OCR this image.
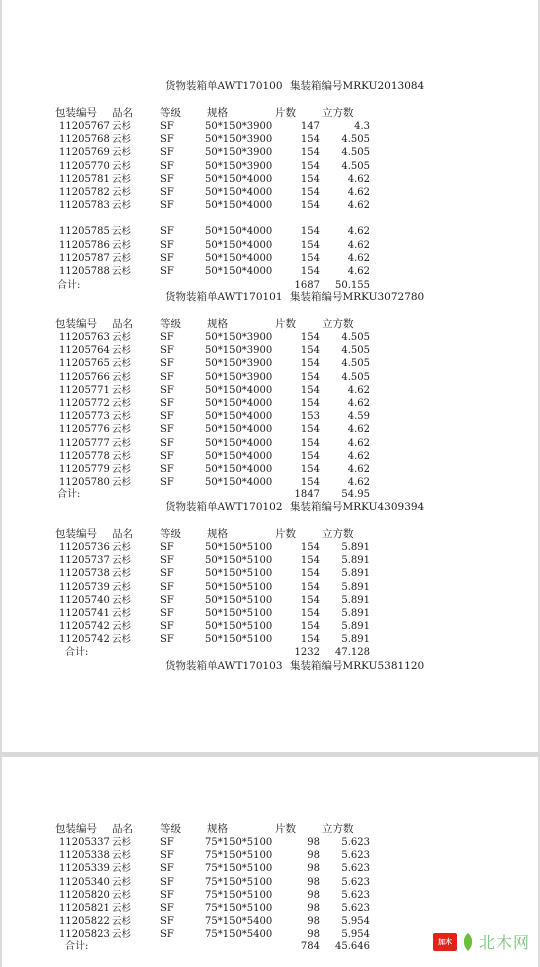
货物装箱单AWT170100 集装箱编号MRKU2013084
货物装箱单AWT170101 集装箱编号MRKU3072780
货物装箱单AWT170102 集装箱编号MRKU4309394
货物装箱单AWT170103 集装箱编号MRKU5381120
包装编号 品名	等级 规格	片数 立方数
11205767 云杉	SF	50*150*3900	147	4.3
11205768 云杉	SF	50*150*3900	154	4.505
11205769 云杉	SF	50*150*3900	154	4.505
11205770 云杉	SF	50*150*3900	154	4.505
11205781 云杉	SF	50*150*4000	154	4.62
11205782 云杉	SF	50*150*4000	154	4.62
11205783 云杉	SF	50*150*4000	154	4.62
11205785 云杉	SF	50*150*4000	154	4.62
11205786 云杉	SF	50*150*4000	154	4.62
11205787 云杉	SF	50*150*4000	154	4.62
11205788 云杉	SF	50*150*4000	154	4.62
合计:	1687	50.155
包装编号 品名	等级 规格	片数 立方数
11205763 云杉	SF	50*150*3900	154	4.505
11205764 云杉	SF	50*150*3900	154	4.505
11205765 云杉	SF	50*150*3900	154	4.505
11205766 云杉	SF	50*150*3900	154	4.505
11205771 云杉	SF	50*150*4000	154	4.62
11205772 云杉	SF	50*150*4000	154	4.62
11205773 云杉	SF	50*150*4000	153	4.59
11205776 云杉	SF	50*150*4000	154	4.62
11205777 云杉	SF	50*150*4000	154	4.62
11205778 云杉	SF	50*150*4000	154	4.62
11205779 云杉	SF	50*150*4000	154	4.62
11205780 云杉	SF	50*150*4000	154	4.62
合计:	1847	54.95
包装编号 品名	等级 规格	片数 立方数
11205736 云杉	SF	50*150*5100	154	5.891
11205737 云杉	SF	50*150*5100	154	5.891
11205738 云杉	SF	50*150*5100	154	5.891
11205739 云杉	SF	50*150*5100	154	5.891
11205740 云杉	SF	50*150*5100	154	5.891
11205741 云杉	SF	50*150*5100	154	5.891
11205742 云杉	SF	50*150*5100	154	5.891
11205742 云杉	SF	50*150*5100	154	5.891
合计:	1232	47.128
加木	北木网
包装编号 品名	等级 规格	片数 立方数
11205337 云杉	SF	75*150*5100	98	5.623
11205338 云杉	SF	75*150*5100	98	5.623
11205339 云杉	SF	75*150*5100	98	5.623
11205340 云杉	SF	75*150*5100	98	5.623
11205820 云杉	SF	75*150*5100	98	5.623
11205821 云杉	SF	75*150*5100	98	5.623
11205822 云杉	SF	75*150*5400	98	5.954
11205823 云杉	SF	75*150*5400	98	5.954
合计:	784	45.646
